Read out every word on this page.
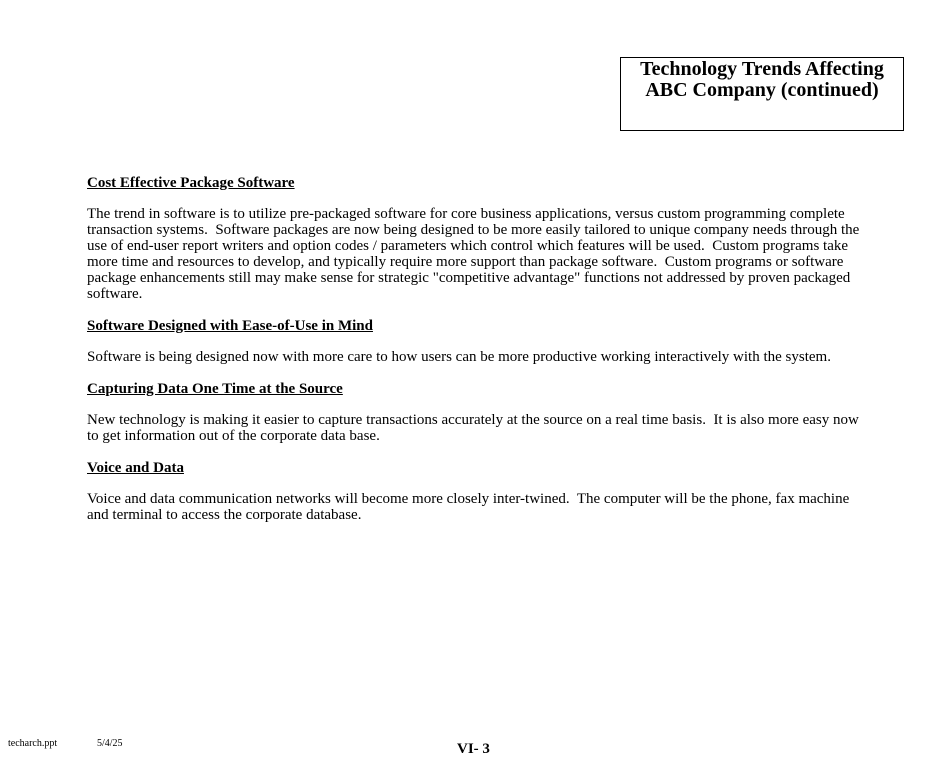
Technology Trends Affecting
ABC Company (continued)

Cost Effective Package Software

The trend in software is to utilize pre-packaged software for core business applications, versus custom programming complete transaction systems.  Software packages are now being designed to be more easily tailored to unique company needs through the use of end-user report writers and option codes / parameters which control which features will be used.  Custom programs take more time and resources to develop, and typically require more support than package software.  Custom programs or software package enhancements still may make sense for strategic "competitive advantage" functions not addressed by proven packaged software.

Software Designed with Ease-of-Use in Mind

Software is being designed now with more care to how users can be more productive working interactively with the system.

Capturing Data One Time at the Source

New technology is making it easier to capture transactions accurately at the source on a real time basis.  It is also more easy now to get information out of the corporate data base.

Voice and Data

Voice and data communication networks will become more closely inter-twined.  The computer will be the phone, fax machine and terminal to access the corporate database.

techarch.ppt	5/4/25	VI- 3
